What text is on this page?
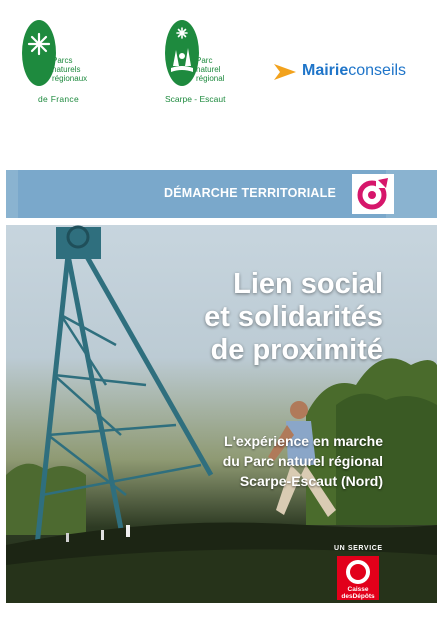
Parcs
naturels
régionaux
de France
Parc
naturel
régional
Scarpe - Escaut
Mairieconseils
DÉMARCHE TERRITORIALE
Lien social
et solidarités
de proximité
L'expérience en marche
du Parc naturel régional
Scarpe-Escaut (Nord)
UN SERVICE
Caisse
desDépôts
